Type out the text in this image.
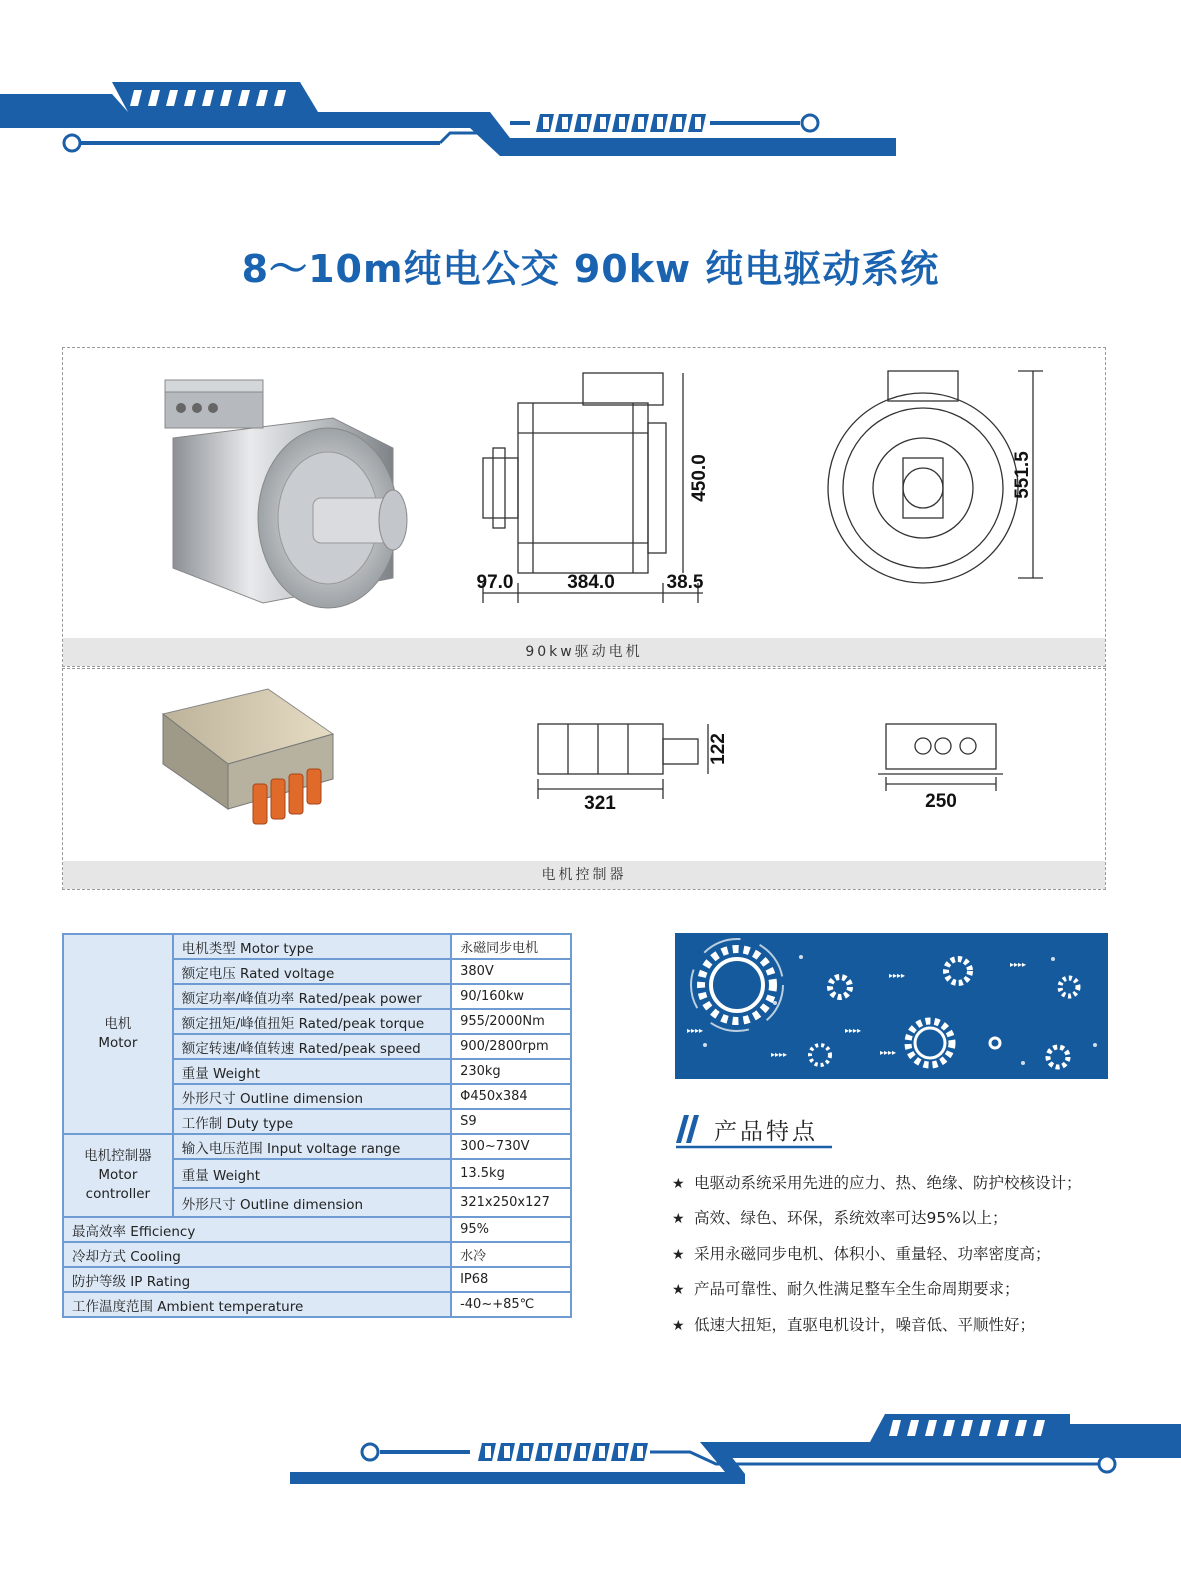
8～10m纯电公交 90kw 纯电驱动系统
450.0
97.0	384.0	38.5
551.5
90kw驱动电机
122
321	250
电机控制器
电机
Motor	电机类型 Motor type	永磁同步电机
	额定电压 Rated voltage	380V
	额定功率/峰值功率 Rated/peak power	90/160kw
	额定扭矩/峰值扭矩 Rated/peak torque	955/2000Nm
	额定转速/峰值转速 Rated/peak speed	900/2800rpm
	重量 Weight	230kg
	外形尺寸 Outline dimension	Φ450x384
	工作制 Duty type	S9

电机控制器
Motor
controller	输入电压范围 Input voltage range	300~730V
	重量 Weight	13.5kg
	外形尺寸 Outline dimension	321x250x127
最高效率 Efficiency		95%
冷却方式 Cooling		水冷
防护等级 IP Rating		IP68
工作温度范围 Ambient temperature		-40~+85℃
▸▸▸▸
▸▸▸▸
▸▸▸▸	▸▸▸▸
▸▸▸▸
▸▸▸▸
产品特点
★ 电驱动系统采用先进的应力、热、绝缘、防护校核设计；
★ 高效、绿色、环保，系统效率可达95%以上；
★ 采用永磁同步电机、体积小、重量轻、功率密度高；
★ 产品可靠性、耐久性满足整车全生命周期要求；
★ 低速大扭矩，直驱电机设计，噪音低、平顺性好；
